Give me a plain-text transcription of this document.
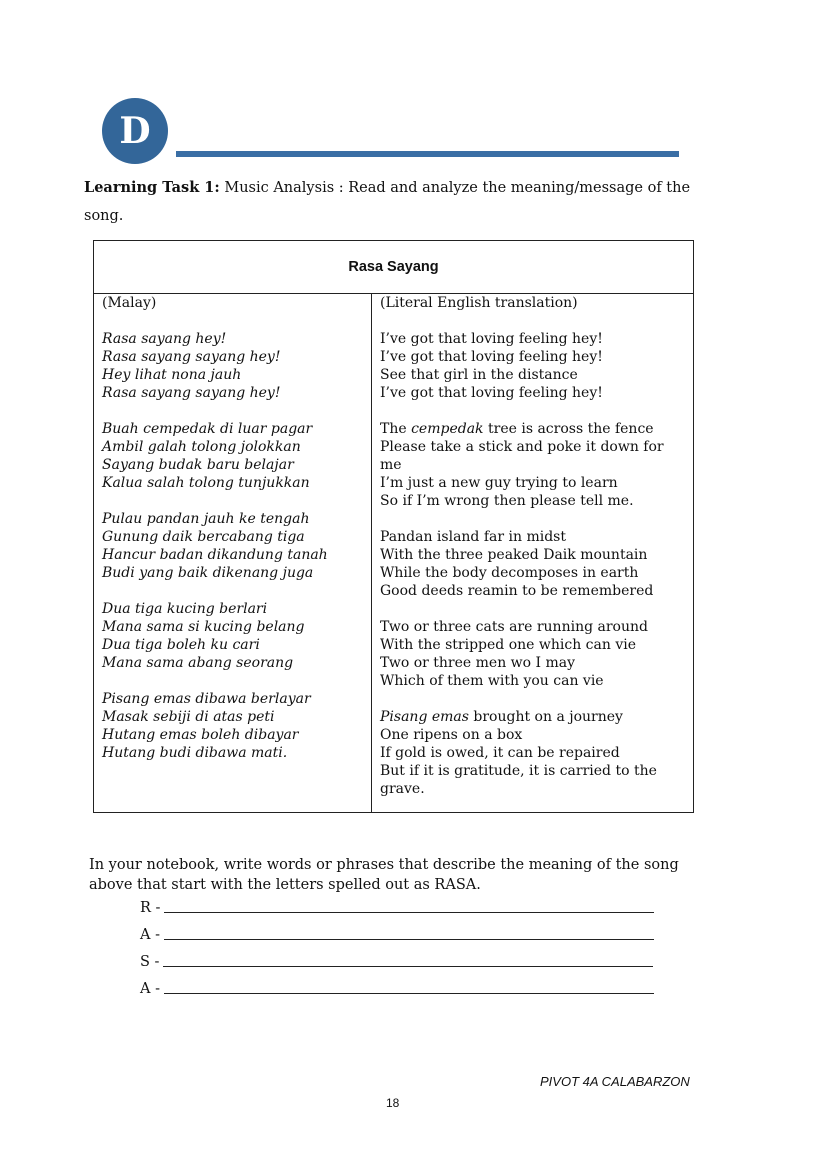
D
Learning Task 1: Music Analysis : Read and analyze the meaning/message of the song.
Rasa Sayang
(Malay)
Rasa sayang hey!
Rasa sayang sayang hey!
Hey lihat nona jauh
Rasa sayang sayang hey!
Buah cempedak di luar pagar
Ambil galah tolong jolokkan
Sayang budak baru belajar
Kalua salah tolong tunjukkan
Pulau pandan jauh ke tengah
Gunung daik bercabang tiga
Hancur badan dikandung tanah
Budi yang baik dikenang juga
Dua tiga kucing berlari
Mana sama si kucing belang
Dua tiga boleh ku cari
Mana sama abang seorang
Pisang emas dibawa berlayar
Masak sebiji di atas peti
Hutang emas boleh dibayar
Hutang budi dibawa mati.
(Literal English translation)
I’ve got that loving feeling hey!
I’ve got that loving feeling hey!
See that girl in the distance
I’ve got that loving feeling hey!
The cempedak tree is across the fence
Please take a stick and poke it down for
me
I’m just a new guy trying to learn
So if I’m wrong then please tell me.
Pandan island far in midst
With the three peaked Daik mountain
While the body decomposes in earth
Good deeds reamin to be remembered
Two or three cats are running around
With the stripped one which can vie
Two or three men wo I may
Which of them with you can vie
Pisang emas brought on a journey
One ripens on a box
If gold is owed, it can be repaired
But if it is gratitude, it is carried to the
grave.
In your notebook, write words or phrases that describe the meaning of the song above that start with the letters spelled out as RASA.
R -
A -
S -
A -
PIVOT 4A CALABARZON
18
